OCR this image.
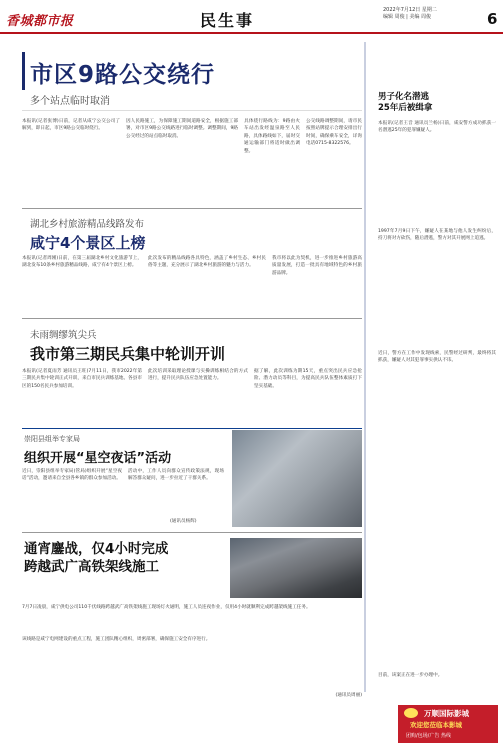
香城都市报	民生事
2022年7月12日 星期二
编辑 周俊 | 美编 周俊	6
市区9路公交绕行
多个站点临时取消
本报讯(记者张博)日前，记者从咸宁公交公司了解到，即日起，市区9路公交临时绕行。
因人民路施工，为保障施工期间道路安全，根据施工部署，对市区9路公交线路进行临时调整。调整期间，9路公交经过的站点临时取消。
具体绕行路线为：9路由火车站出发经温泉路至人民路，具体路线如下，届时交通运输部门将适时做出调整。
公交线路调整期间，请市民按照站牌提示合理安排出行时间，确保乘车安全，详询电话0715-8322576。
湖北乡村旅游精品线路发布
咸宁4个景区上榜
本报讯(记者周刚)日前，在第三届湖北乡村文化旅游节上，湖北发布10条乡村旅游精品线路，咸宁有4个景区上榜。
此次发布的精品线路各具特色，涵盖了乡村生态、乡村民俗等主题，充分展示了湖北乡村旅游的魅力与活力。
我市将以此为契机，进一步推进乡村旅游高质量发展，打造一批具有地域特色的乡村旅游品牌。
未雨绸缪筑尖兵
我市第三期民兵集中轮训开训
本报讯(记者夏雨芳 通讯员王旺)7月11日，我市2022年第三期民兵集中轮训正式开训，来自市民兵训练基地、各县市区的150名民兵参加培训。
此次培训采取理论授课与实操训练相结合的方式进行，提升民兵队伍应急处置能力。
据了解，此次训练为期15天，重点突出民兵应急抢险、潜力动员等科目，为提高民兵队伍整体素质打下坚实基础。
崇阳县组举专家局
组织开展“星空夜话”活动
近日，崇阳县组举专家局(管局)组织开展“星空夜话”活动，邀请来自全县各乡镇的群众参加活动。
活动中，工作人员向群众宣传政策法规，现场解答群众疑问，进一步拉近了干群关系。
(通讯员杨辉)
通宵鏖战，仅4小时完成
跨越武广高铁架线施工
7月7日凌晨，咸宁供电公司110千伏线路跨越武广高铁架线施工现场灯火通明，施工人员连夜作业，仅用4小时就顺利完成跨越架线施工任务。
该线路是咸宁电网建设的重点工程，施工团队精心组织，周密部署，确保施工安全有序进行。
(通讯员周丽)
男子化名潜逃
25年后被缉拿
本报讯(记者王音 通讯员兰杨)日前，咸安警方成功抓获一名潜逃25年的犯罪嫌疑人。
1997年7月9日下午，嫌疑人在某地与他人发生纠纷后，持刀将对方砍伤，随后潜逃，警方对其开展网上追逃。
近日，警方在工作中发现线索，民警经过研判，最终将其抓获，嫌疑人对其犯罪事实供认不讳。
目前，该案正在进一步办理中。
万顺国际影城
欢迎您莅临本影城
团购/包场/广告 热线
